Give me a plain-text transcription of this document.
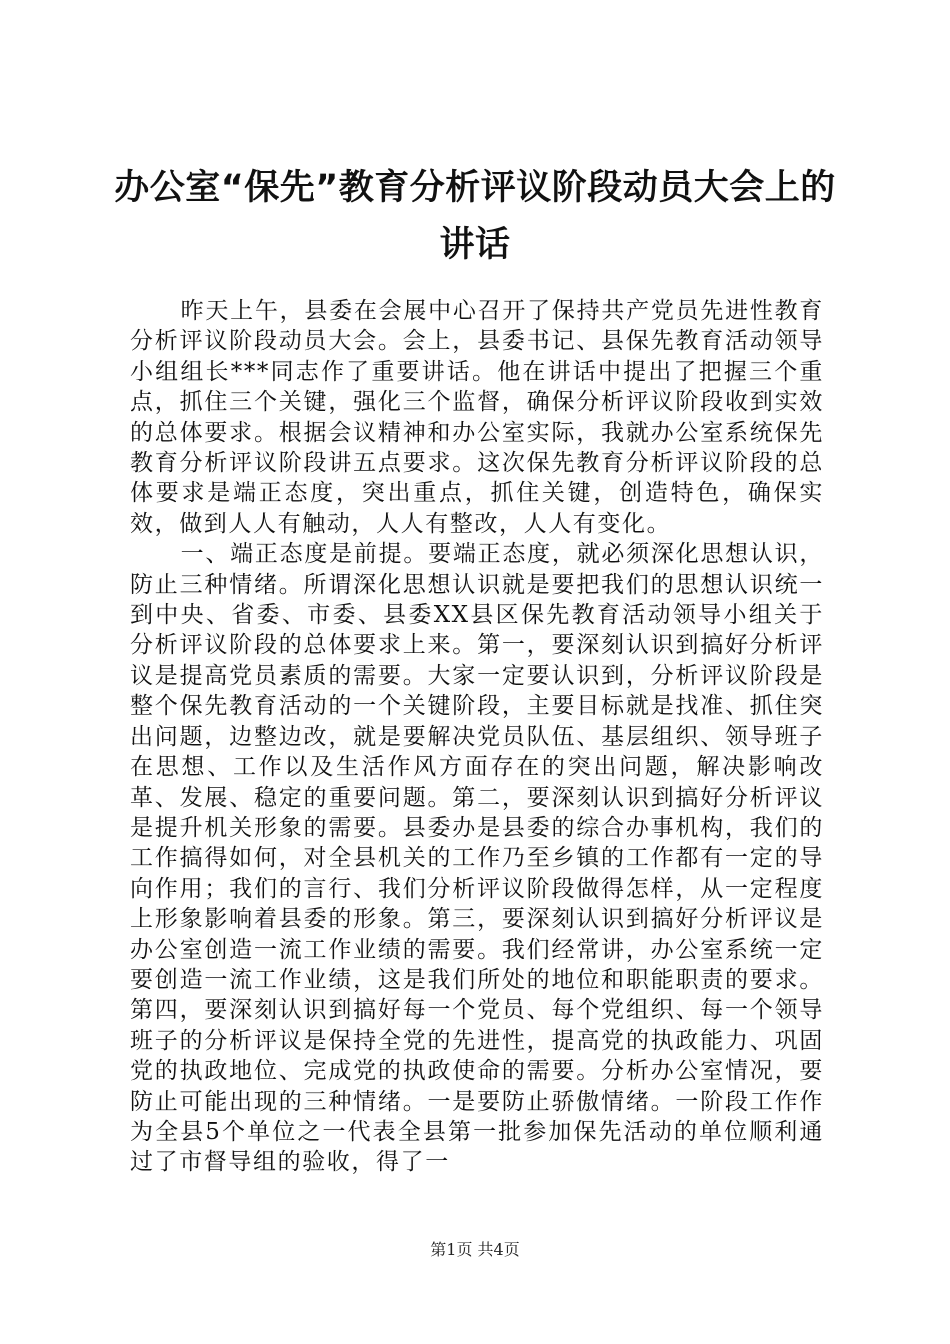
办公室“保先”教育分析评议阶段动员大会上的讲话

昨天上午，县委在会展中心召开了保持共产党员先进性教育分析评议阶段动员大会。会上，县委书记、县保先教育活动领导小组组长***同志作了重要讲话。他在讲话中提出了把握三个重点，抓住三个关键，强化三个监督，确保分析评议阶段收到实效的总体要求。根据会议精神和办公室实际，我就办公室系统保先教育分析评议阶段讲五点要求。这次保先教育分析评议阶段的总体要求是端正态度，突出重点，抓住关键，创造特色，确保实效，做到人人有触动，人人有整改，人人有变化。

一、端正态度是前提。要端正态度，就必须深化思想认识，防止三种情绪。所谓深化思想认识就是要把我们的思想认识统一到中央、省委、市委、县委XX县区保先教育活动领导小组关于分析评议阶段的总体要求上来。第一，要深刻认识到搞好分析评议是提高党员素质的需要。大家一定要认识到，分析评议阶段是整个保先教育活动的一个关键阶段，主要目标就是找准、抓住突出问题，边整边改，就是要解决党员队伍、基层组织、领导班子在思想、工作以及生活作风方面存在的突出问题，解决影响改革、发展、稳定的重要问题。第二，要深刻认识到搞好分析评议是提升机关形象的需要。县委办是县委的综合办事机构，我们的工作搞得如何，对全县机关的工作乃至乡镇的工作都有一定的导向作用；我们的言行、我们分析评议阶段做得怎样，从一定程度上形象影响着县委的形象。第三，要深刻认识到搞好分析评议是办公室创造一流工作业绩的需要。我们经常讲，办公室系统一定要创造一流工作业绩，这是我们所处的地位和职能职责的要求。第四，要深刻认识到搞好每一个党员、每个党组织、每一个领导班子的分析评议是保持全党的先进性，提高党的执政能力、巩固党的执政地位、完成党的执政使命的需要。分析办公室情况，要防止可能出现的三种情绪。一是要防止骄傲情绪。一阶段工作作为全县5个单位之一代表全县第一批参加保先活动的单位顺利通过了市督导组的验收，得了一

第1页 共4页
